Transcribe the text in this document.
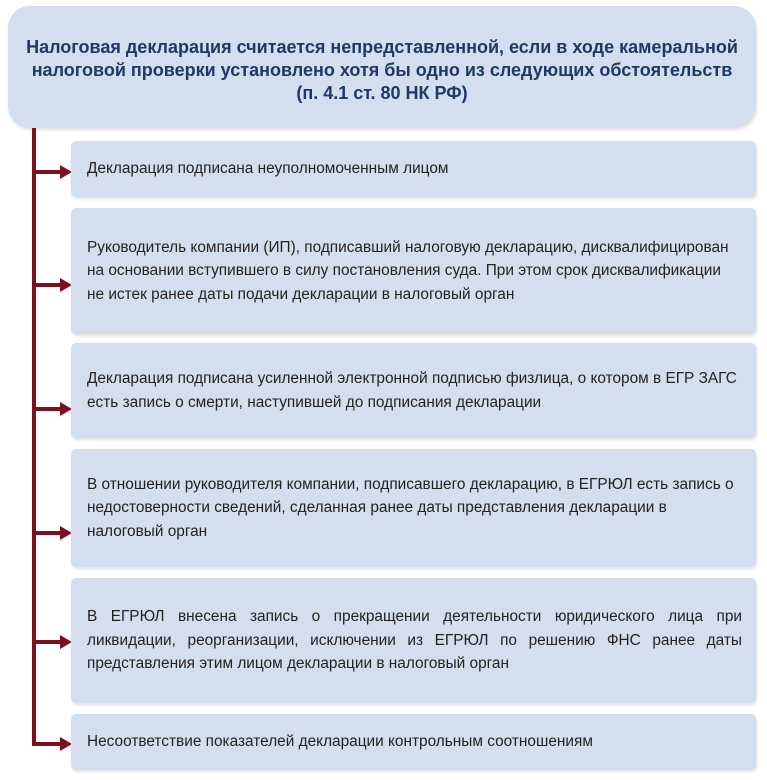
Налоговая декларация считается непредставленной, если в ходе камеральной
налоговой проверки установлено хотя бы одно из следующих обстоятельств
(п. 4.1 ст. 80 НК РФ)
Декларация подписана неуполномоченным лицом
Руководитель компании (ИП), подписавший налоговую декларацию, дисквалифицирован на основании вступившего в силу постановления суда. При этом срок дисквалификации не истек ранее даты подачи декларации в налоговый орган
Декларация подписана усиленной электронной подписью физлица, о котором в ЕГР ЗАГС есть запись о смерти, наступившей до подписания декларации
В отношении руководителя компании, подписавшего декларацию, в ЕГРЮЛ есть запись о недостоверности сведений, сделанная ранее даты представления декларации в налоговый орган
В ЕГРЮЛ внесена запись о прекращении деятельности юридического лица при ликвидации, реорганизации, исключении из ЕГРЮЛ по решению ФНС ранее даты представления этим лицом декларации в налоговый орган
Несоответствие показателей декларации контрольным соотношениям
